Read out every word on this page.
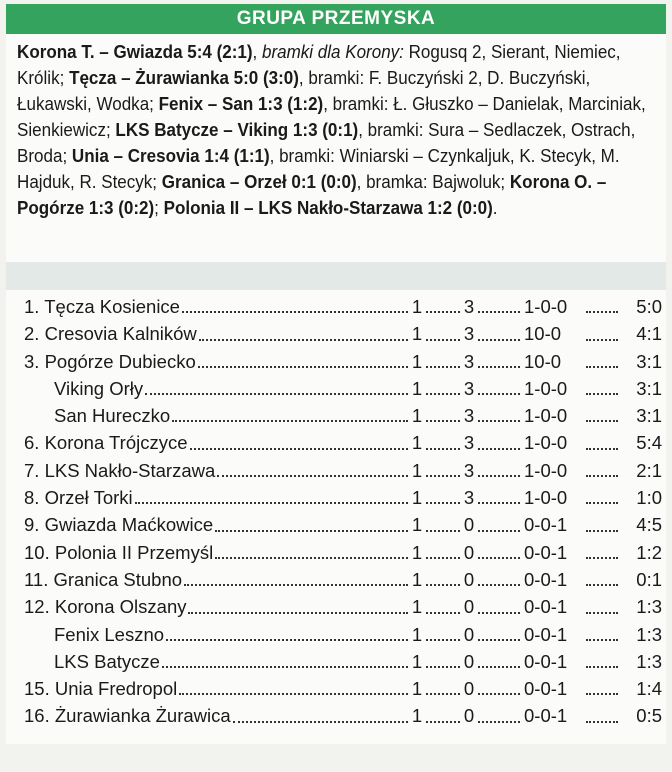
GRUPA PRZEMYSKA
Korona T. – Gwiazda 5:4 (2:1), bramki dla Korony: Rogusq 2, Sierant, Niemiec, Królik; Tęcza – Żurawianka 5:0 (3:0), bramki: F. Buczyński 2, D. Buczyński, Łukawski, Wodka; Fenix – San 1:3 (1:2), bramki: Ł. Głuszko – Danielak, Marciniak, Sienkiewicz; LKS Batycze – Viking 1:3 (0:1), bramki: Sura – Sedlaczek, Ostrach, Broda; Unia – Cresovia 1:4 (1:1), bramki: Winiarski – Czynkaljuk, K. Stecyk, M. Hajduk, R. Stecyk; Granica – Orzeł 0:1 (0:0), bramka: Bajwoluk; Korona O. – Pogórze 1:3 (0:2); Polonia II – LKS Nakło-Starzawa 1:2 (0:0).
1. Tęcza Kosienice	1 3	1-0-0	5:0
2. Cresovia Kalników	1 3	10-0	4:1
3. Pogórze Dubiecko	1 3	10-0	3:1
Viking Orły	1 3	1-0-0	3:1
San Hureczko	1 3	1-0-0	3:1
6. Korona Trójczyce	1 3	1-0-0	5:4
7. LKS Nakło-Starzawa	1 3	1-0-0	2:1
8. Orzeł Torki	1 3	1-0-0	1:0
9. Gwiazda Maćkowice	1 0	0-0-1	4:5
10. Polonia II Przemyśl	1 0	0-0-1	1:2
11. Granica Stubno	1 0	0-0-1	0:1
12. Korona Olszany	1 0	0-0-1	1:3
Fenix Leszno	1 0	0-0-1	1:3
LKS Batycze	1 0	0-0-1	1:3
15. Unia Fredropol	1 0	0-0-1	1:4
16. Żurawianka Żurawica	1 0	0-0-1	0:5
